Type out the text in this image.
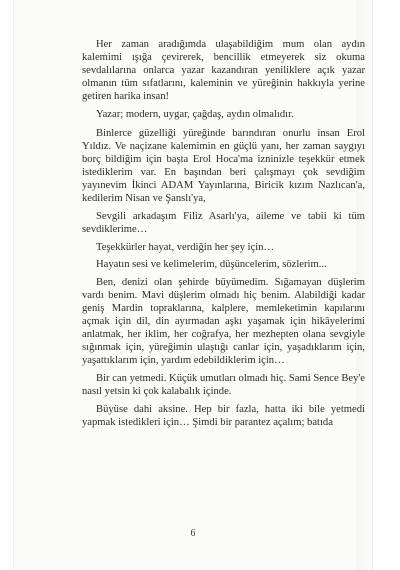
Her zaman aradığımda ulaşabildiğim mum olan aydın kalemimi ışığa çevirerek, bencillik etmeyerek siz okuma sevdalılarına onlarca yazar kazandıran yeniliklere açık yazar olmanın tüm sıfatlarını, kaleminin ve yüreğinin hakkıyla yerine getiren harika insan!

Yazar; modern, uygar, çağdaş, aydın olmalıdır.

Binlerce güzelliği yüreğinde barındıran onurlu insan Erol Yıldız. Ve naçizane kalemimin en güçlü yanı, her zaman saygıyı borç bildiğim için başta Erol Hoca'ma izninizle teşekkür etmek istediklerim var. En başından beri çalışmayı çok sevdiğim yayınevim İkinci ADAM Yayınlarına, Biricik kızım Nazlıcan'a, kedilerim Nisan ve Şanslı'ya,

Sevgili arkadaşım Filiz Asarlı'ya, aileme ve tabii ki tüm sevdiklerime…

Teşekkürler hayat, verdiğin her şey için…

Hayatın sesi ve kelimelerim, düşüncelerim, sözlerim...

Ben, denizi olan şehirde büyümedim. Sığamayan düşlerim vardı benim. Mavi düşlerim olmadı hiç benim. Alabildiği kadar geniş Mardin topraklarına, kalplere, memleketimin kapılarını açmak için dil, din ayırmadan aşkı yaşamak için hikâyelerimi anlatmak, her iklim, her coğrafya, her mezhepten olana sevgiyle sığınmak için, yüreğimin ulaştığı canlar için, yaşadıklarım için, yaşattıklarım için, yardım edebildiklerim için…

Bir can yetmedi. Küçük umutları olmadı hiç. Sami Sence Bey'e nasıl yetsin ki çok kalabalık içinde.

Büyüse dahi aksine. Hep bir fazla, hatta iki bile yetmedi yapmak istedikleri için… Şimdi bir parantez açalım; batıda

6
